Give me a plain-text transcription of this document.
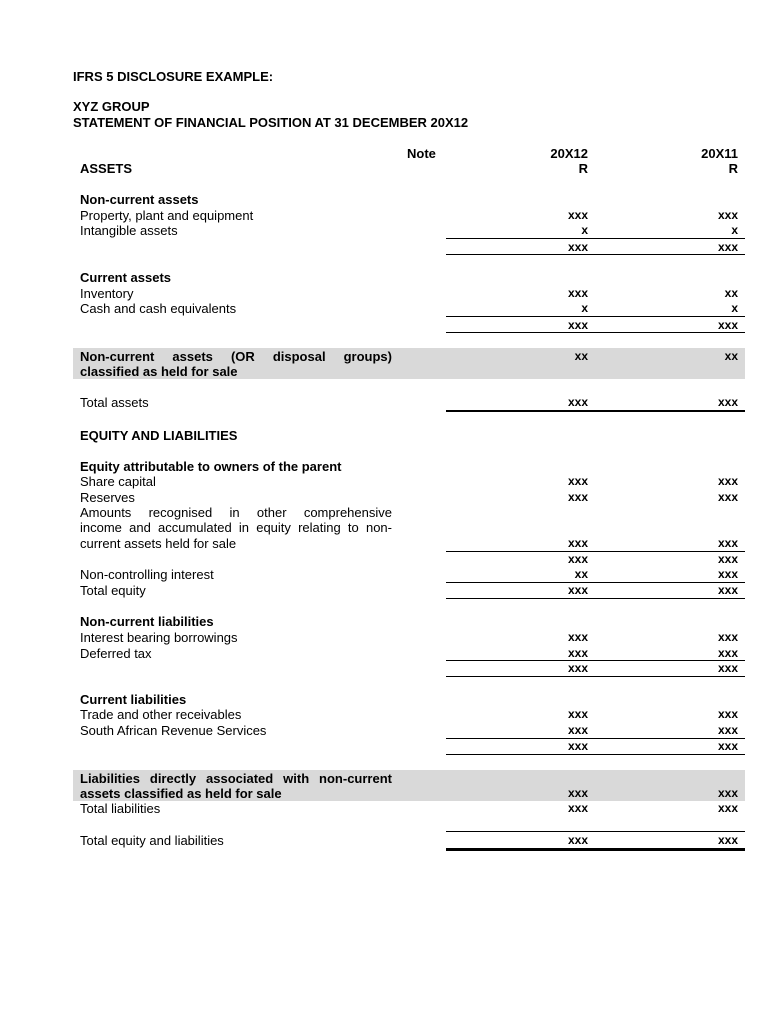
IFRS 5 DISCLOSURE EXAMPLE:
XYZ GROUP
STATEMENT OF FINANCIAL POSITION AT 31 DECEMBER 20X12
Note	20X12	20X11
R	R
ASSETS
Non-current assets
Property, plant and equipment	xxx	xxx
Intangible assets	x	x
xxx	xxx
Current assets
Inventory	xxx	xx
Cash and cash equivalents	x	x
xxx	xxx
Non-current assets (OR disposal groups)
classified as held for sale
xx	xx
Total assets	xxx	xxx
EQUITY AND LIABILITIES
Equity attributable to owners of the parent
Share capital	xxx	xxx
Reserves	xxx	xxx
Amounts recognised in other comprehensive
income and accumulated in equity relating to non-
current assets held for sale	xxx	xxx
xxx	xxx
Non-controlling interest	xx	xxx
Total equity	xxx	xxx
Non-current liabilities
Interest bearing borrowings	xxx	xxx
Deferred tax	xxx	xxx
xxx	xxx
Current liabilities
Trade and other receivables	xxx	xxx
South African Revenue Services	xxx	xxx
xxx	xxx
Liabilities directly associated with non-current
assets classified as held for sale	xxx	xxx
Total liabilities	xxx	xxx
Total equity and liabilities	xxx	xxx
